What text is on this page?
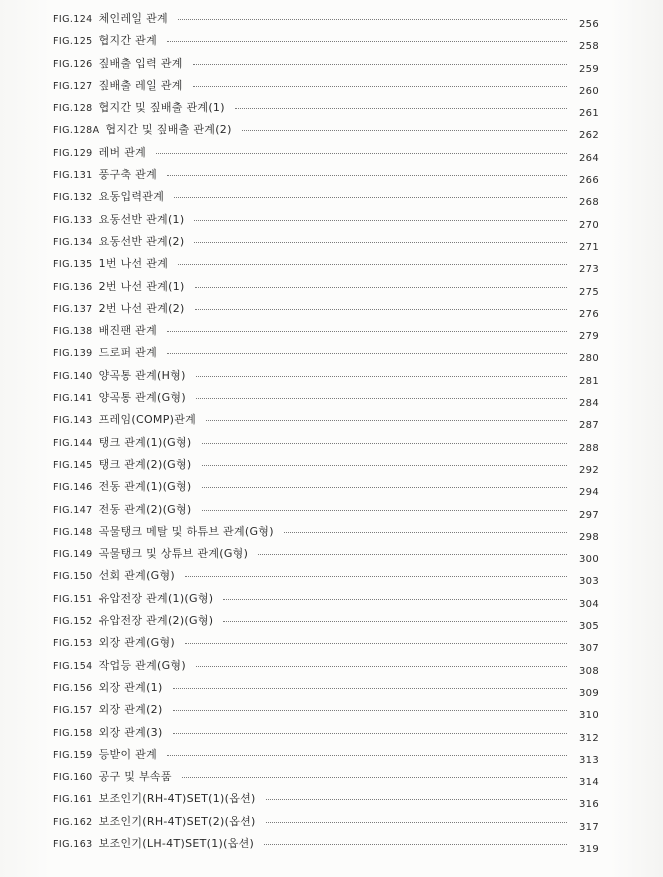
FIG.124 체인레일 관계	256
FIG.125 협지간 관계	258
FIG.126 짚배출 입력 관계	259
FIG.127 짚배출 레일 관계	260
FIG.128 협지간 및 짚배출 관계(1)	261
FIG.128A 협지간 및 짚배출 관계(2)	262
FIG.129 레버 관계	264
FIG.131 풍구축 관계	266
FIG.132 요동입력관계	268
FIG.133 요동선반 관계(1)	270
FIG.134 요동선반 관계(2)	271
FIG.135 1번 나선 관계	273
FIG.136 2번 나선 관계(1)	275
FIG.137 2번 나선 관계(2)	276
FIG.138 배진팬 관계	279
FIG.139 드로퍼 관계	280
FIG.140 양곡통 관계(H형)	281
FIG.141 양곡통 관계(G형)	284
FIG.143 프레임(COMP)관계	287
FIG.144 탱크 관계(1)(G형)	288
FIG.145 탱크 관계(2)(G형)	292
FIG.146 전동 관계(1)(G형)	294
FIG.147 전동 관계(2)(G형)	297
FIG.148 곡물탱크 메탈 및 하튜브 관계(G형)	298
FIG.149 곡물탱크 및 상튜브 관계(G형)	300
FIG.150 선회 관계(G형)	303
FIG.151 유압전장 관계(1)(G형)	304
FIG.152 유압전장 관계(2)(G형)	305
FIG.153 외장 관계(G형)	307
FIG.154 작업등 관계(G형)	308
FIG.156 외장 관계(1)	309
FIG.157 외장 관계(2)	310
FIG.158 외장 관계(3)	312
FIG.159 등받이 관계	313
FIG.160 공구 및 부속품	314
FIG.161 보조인기(RH-4T)SET(1)(옵션)	316
FIG.162 보조인기(RH-4T)SET(2)(옵션)	317
FIG.163 보조인기(LH-4T)SET(1)(옵션)	319
